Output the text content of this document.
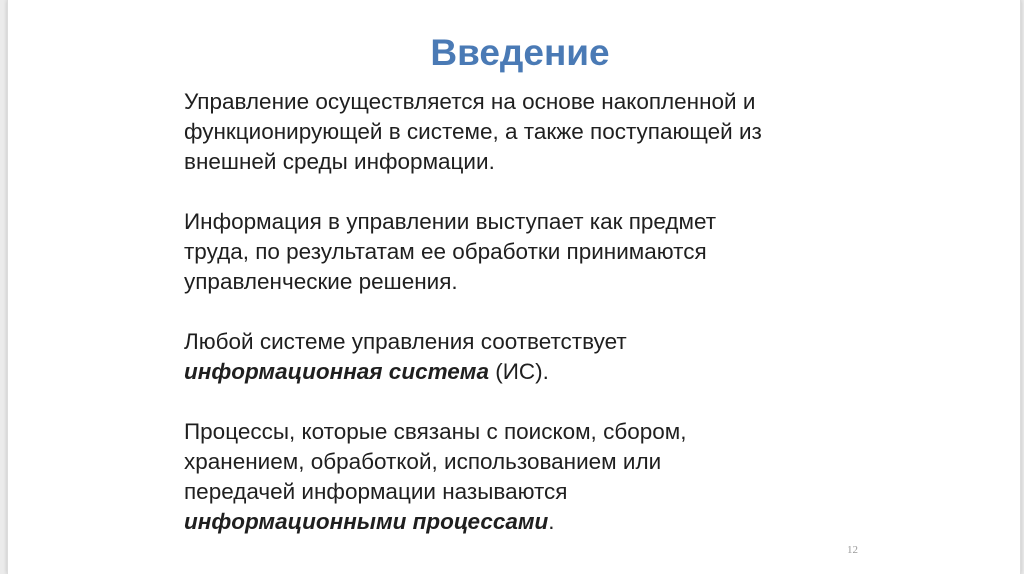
Введение

Управление осуществляется на основе накопленной и
функционирующей в системе, а также поступающей из
внешней среды информации.

Информация в управлении выступает как предмет
труда, по результатам ее обработки принимаются
управленческие решения.

Любой системе управления соответствует
информационная система (ИС).

Процессы, которые связаны с поиском, сбором,
хранением, обработкой, использованием или
передачей информации называются
информационными процессами.

12
